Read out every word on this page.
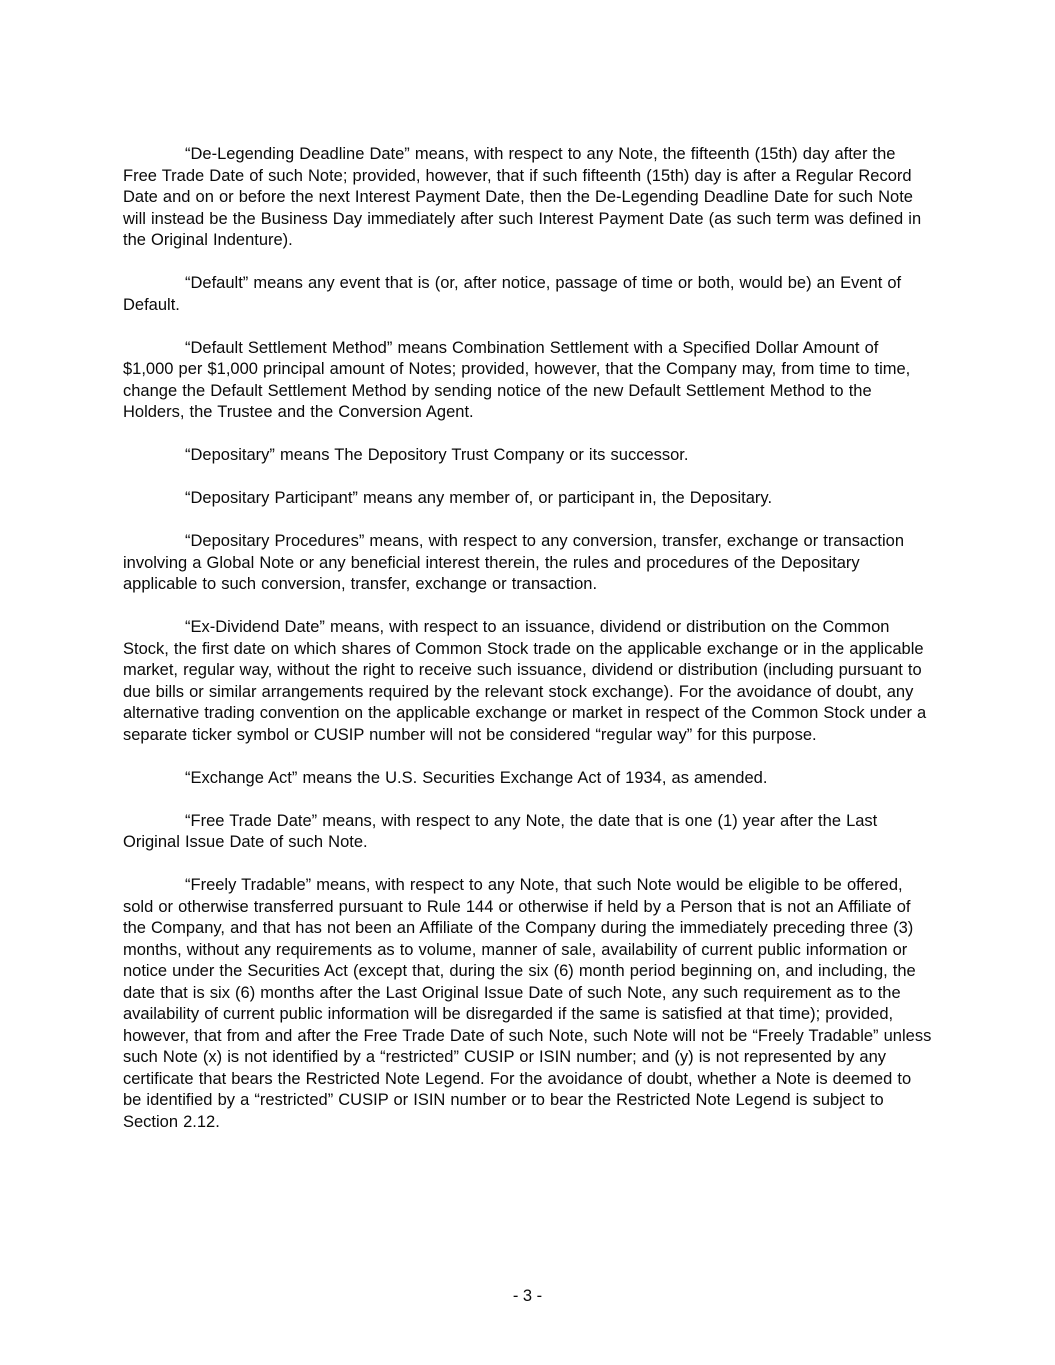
“De-Legending Deadline Date” means, with respect to any Note, the fifteenth (15th) day after the Free Trade Date of such Note; provided, however, that if such fifteenth (15th) day is after a Regular Record Date and on or before the next Interest Payment Date, then the De-Legending Deadline Date for such Note will instead be the Business Day immediately after such Interest Payment Date (as such term was defined in the Original Indenture).

“Default” means any event that is (or, after notice, passage of time or both, would be) an Event of Default.

“Default Settlement Method” means Combination Settlement with a Specified Dollar Amount of $1,000 per $1,000 principal amount of Notes; provided, however, that the Company may, from time to time, change the Default Settlement Method by sending notice of the new Default Settlement Method to the Holders, the Trustee and the Conversion Agent.

“Depositary” means The Depository Trust Company or its successor.

“Depositary Participant” means any member of, or participant in, the Depositary.

“Depositary Procedures” means, with respect to any conversion, transfer, exchange or transaction involving a Global Note or any beneficial interest therein, the rules and procedures of the Depositary applicable to such conversion, transfer, exchange or transaction.

“Ex-Dividend Date” means, with respect to an issuance, dividend or distribution on the Common Stock, the first date on which shares of Common Stock trade on the applicable exchange or in the applicable market, regular way, without the right to receive such issuance, dividend or distribution (including pursuant to due bills or similar arrangements required by the relevant stock exchange). For the avoidance of doubt, any alternative trading convention on the applicable exchange or market in respect of the Common Stock under a separate ticker symbol or CUSIP number will not be considered “regular way” for this purpose.

“Exchange Act” means the U.S. Securities Exchange Act of 1934, as amended.

“Free Trade Date” means, with respect to any Note, the date that is one (1) year after the Last Original Issue Date of such Note.

“Freely Tradable” means, with respect to any Note, that such Note would be eligible to be offered, sold or otherwise transferred pursuant to Rule 144 or otherwise if held by a Person that is not an Affiliate of the Company, and that has not been an Affiliate of the Company during the immediately preceding three (3) months, without any requirements as to volume, manner of sale, availability of current public information or notice under the Securities Act (except that, during the six (6) month period beginning on, and including, the date that is six (6) months after the Last Original Issue Date of such Note, any such requirement as to the availability of current public information will be disregarded if the same is satisfied at that time); provided, however, that from and after the Free Trade Date of such Note, such Note will not be “Freely Tradable” unless such Note (x) is not identified by a “restricted” CUSIP or ISIN number; and (y) is not represented by any certificate that bears the Restricted Note Legend. For the avoidance of doubt, whether a Note is deemed to be identified by a “restricted” CUSIP or ISIN number or to bear the Restricted Note Legend is subject to Section 2.12.

- 3 -
